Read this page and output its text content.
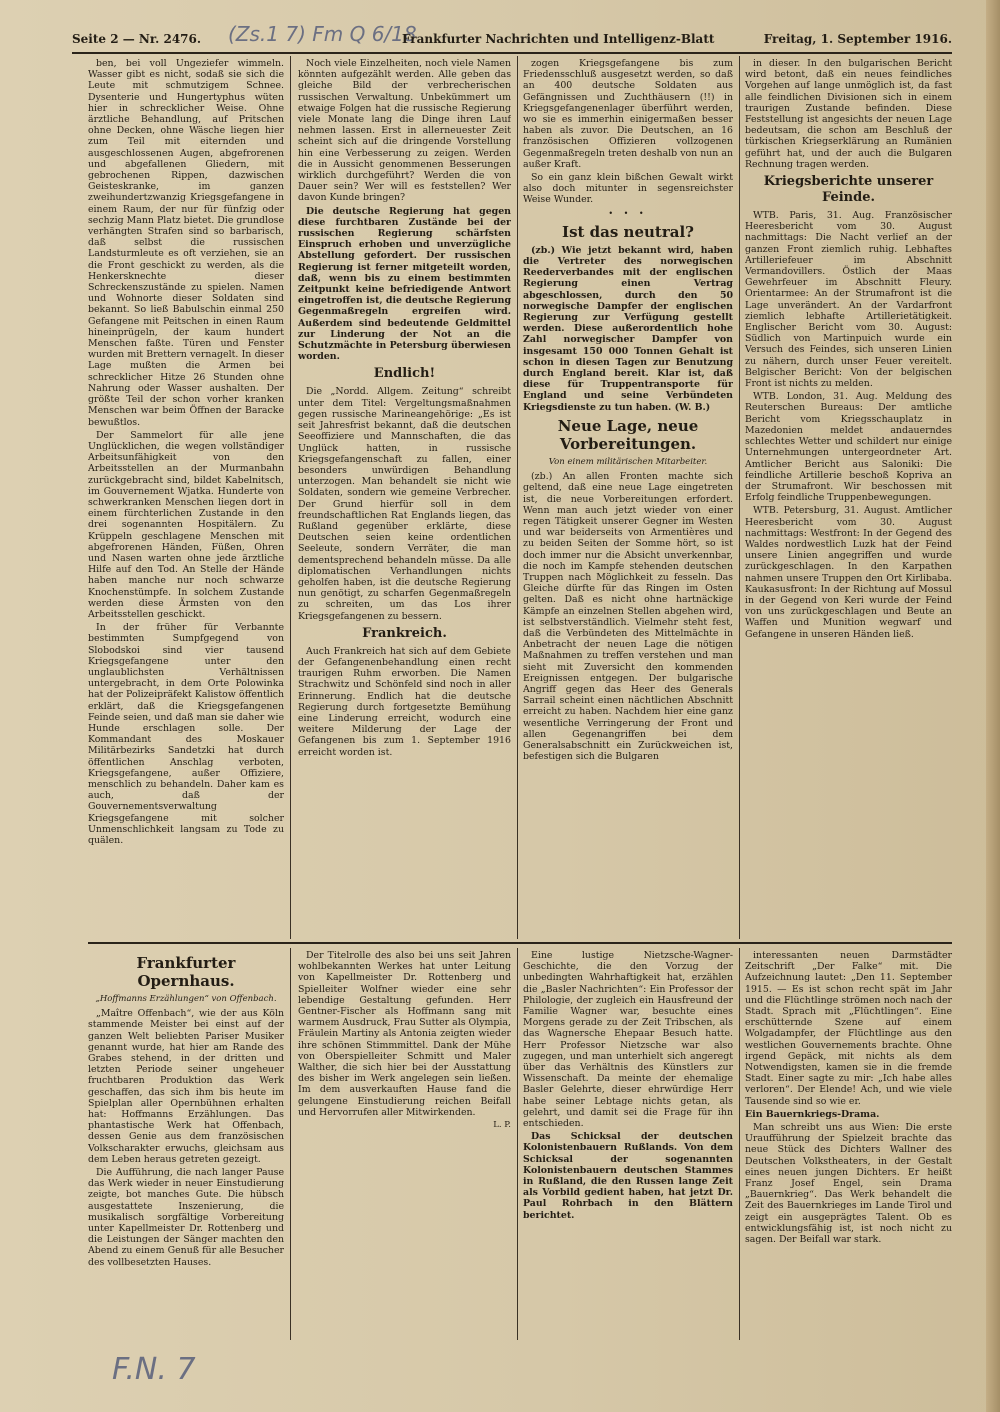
(Zs.1 7) Fm Q 6/18
F.N. 7
Seite 2 — Nr. 2476.	Frankfurter Nachrichten und Intelligenz-Blatt	Freitag, 1. September 1916.

ben, bei voll Ungeziefer wimmeln. Wasser gibt es nicht, sodaß sie sich die Leute mit schmutzigem Schnee. Dysenterie und Hungertyphus wüten hier in schrecklicher Weise. Ohne ärztliche Behandlung, auf Pritschen ohne Decken, ohne Wäsche liegen hier zum Teil mit eiternden und ausgeschlossenen Augen, abgefrorenen und abgefallenen Gliedern, mit gebrochenen Rippen, dazwischen Geisteskranke, im ganzen zweihundertzwanzig Kriegsgefangene in einem Raum, der nur für fünfzig oder sechzig Mann Platz bietet. Die grundlose verhängten Strafen sind so barbarisch, daß selbst die russischen Landsturmleute es oft verziehen, sie an die Front geschickt zu werden, als die Henkersknechte dieser Schreckenszustände zu spielen. Namen und Wohnorte dieser Soldaten sind bekannt. So ließ Babulschin einmal 250 Gefangene mit Peitschen in einen Raum hineinprügeln, der kaum hundert Menschen faßte. Türen und Fenster wurden mit Brettern vernagelt. In dieser Lage mußten die Armen bei schrecklicher Hitze 26 Stunden ohne Nahrung oder Wasser aushalten. Der größte Teil der schon vorher kranken Menschen war beim Öffnen der Baracke bewußtlos.

Der Sammelort für alle jene Unglücklichen, die wegen vollständiger Arbeitsunfähigkeit von den Arbeitsstellen an der Murmanbahn zurückgebracht sind, bildet Kabelnitsch, im Gouvernement Wjatka. Hunderte von schwerkranken Menschen liegen dort in einem fürchterlichen Zustande in den drei sogenannten Hospitälern. Zu Krüppeln geschlagene Menschen mit abgefrorenen Händen, Füßen, Ohren und Nasen warten ohne jede ärztliche Hilfe auf den Tod. An Stelle der Hände haben manche nur noch schwarze Knochenstümpfe. In solchem Zustande werden diese Ärmsten von den Arbeitsstellen geschickt.

In der früher für Verbannte bestimmten Sumpfgegend von Slobodskoi sind vier tausend Kriegsgefangene unter den unglaublichsten Verhältnissen untergebracht, in dem Orte Polowinka hat der Polizeipräfekt Kalistow öffentlich erklärt, daß die Kriegsgefangenen Feinde seien, und daß man sie daher wie Hunde erschlagen solle. Der Kommandant des Moskauer Militärbezirks Sandetzki hat durch öffentlichen Anschlag verboten, Kriegsgefangene, außer Offiziere, menschlich zu behandeln. Daher kam es auch, daß der Gouvernementsverwaltung Kriegsgefangene mit solcher Unmenschlichkeit langsam zu Tode zu quälen.

Noch viele Einzelheiten, noch viele Namen könnten aufgezählt werden. Alle geben das gleiche Bild der verbrecherischen russischen Verwaltung. Unbekümmert um etwaige Folgen hat die russische Regierung viele Monate lang die Dinge ihren Lauf nehmen lassen. Erst in allerneuester Zeit scheint sich auf die dringende Vorstellung hin eine Verbesserung zu zeigen. Werden die in Aussicht genommenen Besserungen wirklich durchgeführt? Werden die von Dauer sein? Wer will es feststellen? Wer davon Kunde bringen?

Die deutsche Regierung hat gegen diese furchtbaren Zustände bei der russischen Regierung schärfsten Einspruch erhoben und unverzügliche Abstellung gefordert. Der russischen Regierung ist ferner mitgeteilt worden, daß, wenn bis zu einem bestimmten Zeitpunkt keine befriedigende Antwort eingetroffen ist, die deutsche Regierung Gegenmaßregeln ergreifen wird. Außerdem sind bedeutende Geldmittel zur Linderung der Not an die Schutzmächte in Petersburg überwiesen worden.

Endlich!

Die „Nordd. Allgem. Zeitung“ schreibt unter dem Titel: Vergeltungsmaßnahmen gegen russische Marineangehörige: „Es ist seit Jahresfrist bekannt, daß die deutschen Seeoffiziere und Mannschaften, die das Unglück hatten, in russische Kriegsgefangenschaft zu fallen, einer besonders unwürdigen Behandlung unterzogen. Man behandelt sie nicht wie Soldaten, sondern wie gemeine Verbrecher. Der Grund hierfür soll in dem freundschaftlichen Rat Englands liegen, das Rußland gegenüber erklärte, diese Deutschen seien keine ordentlichen Seeleute, sondern Verräter, die man dementsprechend behandeln müsse. Da alle diplomatischen Verhandlungen nichts geholfen haben, ist die deutsche Regierung nun genötigt, zu scharfen Gegenmaßregeln zu schreiten, um das Los ihrer Kriegsgefangenen zu bessern.

Frankreich.

Auch Frankreich hat sich auf dem Gebiete der Gefangenenbehandlung einen recht traurigen Ruhm erworben. Die Namen Strachwitz und Schönfeld sind noch in aller Erinnerung. Endlich hat die deutsche Regierung durch fortgesetzte Bemühung eine Linderung erreicht, wodurch eine weitere Milderung der Lage der Gefangenen bis zum 1. September 1916 erreicht worden ist.

zogen Kriegsgefangene bis zum Friedensschluß ausgesetzt werden, so daß an 400 deutsche Soldaten aus Gefängnissen und Zuchthäusern (!!) in Kriegsgefangenenlager überführt werden, wo sie es immerhin einigermaßen besser haben als zuvor. Die Deutschen, an 16 französischen Offizieren vollzogenen Gegenmaßregeln treten deshalb von nun an außer Kraft.

So ein ganz klein bißchen Gewalt wirkt also doch mitunter in segensreichster Weise Wunder.

• • •

Ist das neutral?

(zb.) Wie jetzt bekannt wird, haben die Vertreter des norwegischen Reederverbandes mit der englischen Regierung einen Vertrag abgeschlossen, durch den 50 norwegische Dampfer der englischen Regierung zur Verfügung gestellt werden. Diese außerordentlich hohe Zahl norwegischer Dampfer von insgesamt 150 000 Tonnen Gehalt ist schon in diesen Tagen zur Benutzung durch England bereit. Klar ist, daß diese für Truppentransporte für England und seine Verbündeten Kriegsdienste zu tun haben. (W. B.)

Neue Lage, neue Vorbereitungen.

Von einem militärischen Mitarbeiter.

(zb.) An allen Fronten machte sich geltend, daß eine neue Lage eingetreten ist, die neue Vorbereitungen erfordert. Wenn man auch jetzt wieder von einer regen Tätigkeit unserer Gegner im Westen und war beiderseits von Armentières und zu beiden Seiten der Somme hört, so ist doch immer nur die Absicht unverkennbar, die noch im Kampfe stehenden deutschen Truppen nach Möglichkeit zu fesseln. Das Gleiche dürfte für das Ringen im Osten gelten. Daß es nicht ohne hartnäckige Kämpfe an einzelnen Stellen abgehen wird, ist selbstverständlich. Vielmehr steht fest, daß die Verbündeten des Mittelmächte in Anbetracht der neuen Lage die nötigen Maßnahmen zu treffen verstehen und man sieht mit Zuversicht den kommenden Ereignissen entgegen. Der bulgarische Angriff gegen das Heer des Generals Sarrail scheint einen nächtlichen Abschnitt erreicht zu haben. Nachdem hier eine ganz wesentliche Verringerung der Front und allen Gegenangriffen bei dem Generalsabschnitt ein Zurückweichen ist, befestigen sich die Bulgaren

in dieser. In den bulgarischen Bericht wird betont, daß ein neues feindliches Vorgehen auf lange unmöglich ist, da fast alle feindlichen Divisionen sich in einem traurigen Zustande befinden. Diese Feststellung ist angesichts der neuen Lage bedeutsam, die schon am Beschluß der türkischen Kriegserklärung an Rumänien geführt hat, und der auch die Bulgaren Rechnung tragen werden.

Kriegsberichte unserer Feinde.

WTB. Paris, 31. Aug. Französischer Heeresbericht vom 30. August nachmittags: Die Nacht verlief an der ganzen Front ziemlich ruhig. Lebhaftes Artilleriefeuer im Abschnitt Vermandovillers. Östlich der Maas Gewehrfeuer im Abschnitt Fleury. Orientarmee: An der Strumafront ist die Lage unverändert. An der Vardarfront ziemlich lebhafte Artillerietätigkeit. Englischer Bericht vom 30. August: Südlich von Martinpuich wurde ein Versuch des Feindes, sich unseren Linien zu nähern, durch unser Feuer vereitelt. Belgischer Bericht: Von der belgischen Front ist nichts zu melden.

WTB. London, 31. Aug. Meldung des Reuterschen Bureaus: Der amtliche Bericht vom Kriegsschauplatz in Mazedonien meldet andauerndes schlechtes Wetter und schildert nur einige Unternehmungen untergeordneter Art. Amtlicher Bericht aus Saloniki: Die feindliche Artillerie beschoß Kopriva an der Strumafront. Wir beschossen mit Erfolg feindliche Truppenbewegungen.

WTB. Petersburg, 31. August. Amtlicher Heeresbericht vom 30. August nachmittags: Westfront: In der Gegend des Waldes nordwestlich Luzk hat der Feind unsere Linien angegriffen und wurde zurückgeschlagen. In den Karpathen nahmen unsere Truppen den Ort Kirlibaba. Kaukasusfront: In der Richtung auf Mossul in der Gegend von Keri wurde der Feind von uns zurückgeschlagen und Beute an Waffen und Munition wegwarf und Gefangene in unseren Händen ließ.

Frankfurter Opernhaus.

„Hoffmanns Erzählungen“ von Offenbach.

„Maître Offenbach“, wie der aus Köln stammende Meister bei einst auf der ganzen Welt beliebten Pariser Musiker genannt wurde, hat hier am Rande des Grabes stehend, in der dritten und letzten Periode seiner ungeheuer fruchtbaren Produktion das Werk geschaffen, das sich ihm bis heute im Spielplan aller Opernbühnen erhalten hat: Hoffmanns Erzählungen. Das phantastische Werk hat Offenbach, dessen Genie aus dem französischen Volkscharakter erwuchs, gleichsam aus dem Leben heraus getreten gezeigt.

Die Aufführung, die nach langer Pause das Werk wieder in neuer Einstudierung zeigte, bot manches Gute. Die hübsch ausgestattete Inszenierung, die musikalisch sorgfältige Vorbereitung unter Kapellmeister Dr. Rottenberg und die Leistungen der Sänger machten den Abend zu einem Genuß für alle Besucher des vollbesetzten Hauses.

Der Titelrolle des also bei uns seit Jahren wohlbekannten Werkes hat unter Leitung von Kapellmeister Dr. Rottenberg und Spielleiter Wolfner wieder eine sehr lebendige Gestaltung gefunden. Herr Gentner-Fischer als Hoffmann sang mit warmem Ausdruck, Frau Sutter als Olympia, Fräulein Martiny als Antonia zeigten wieder ihre schönen Stimmmittel. Dank der Mühe von Oberspielleiter Schmitt und Maler Walther, die sich hier bei der Ausstattung des bisher im Werk angelegen sein ließen. Im dem ausverkauften Hause fand die gelungene Einstudierung reichen Beifall und Hervorrufen aller Mitwirkenden.

L. P.

Eine lustige Nietzsche-Wagner-Geschichte, die den Vorzug der unbedingten Wahrhaftigkeit hat, erzählen die „Basler Nachrichten“: Ein Professor der Philologie, der zugleich ein Hausfreund der Familie Wagner war, besuchte eines Morgens gerade zu der Zeit Tribschen, als das Wagnersche Ehepaar Besuch hatte. Herr Professor Nietzsche war also zugegen, und man unterhielt sich angeregt über das Verhältnis des Künstlers zur Wissenschaft. Da meinte der ehemalige Basler Gelehrte, dieser ehrwürdige Herr habe seiner Lebtage nichts getan, als gelehrt, und damit sei die Frage für ihn entschieden.

Das Schicksal der deutschen Kolonistenbauern Rußlands. Von dem Schicksal der sogenannten Kolonistenbauern deutschen Stammes in Rußland, die den Russen lange Zeit als Vorbild gedient haben, hat jetzt Dr. Paul Rohrbach in den Blättern berichtet.

interessanten neuen Darmstädter Zeitschrift „Der Falke“ mit. Die Aufzeichnung lautet: „Den 11. September 1915. — Es ist schon recht spät im Jahr und die Flüchtlinge strömen noch nach der Stadt. Sprach mit „Flüchtlingen“. Eine erschütternde Szene auf einem Wolgadampfer, der Flüchtlinge aus den westlichen Gouvernements brachte. Ohne irgend Gepäck, mit nichts als dem Notwendigsten, kamen sie in die fremde Stadt. Einer sagte zu mir: „Ich habe alles verloren“. Der Elende! Ach, und wie viele Tausende sind so wie er.

Ein Bauernkriegs-Drama.

Man schreibt uns aus Wien: Die erste Uraufführung der Spielzeit brachte das neue Stück des Dichters Wallner des Deutschen Volkstheaters, in der Gestalt eines neuen jungen Dichters. Er heißt Franz Josef Engel, sein Drama „Bauernkrieg“. Das Werk behandelt die Zeit des Bauernkrieges im Lande Tirol und zeigt ein ausgeprägtes Talent. Ob es entwicklungsfähig ist, ist noch nicht zu sagen. Der Beifall war stark.
